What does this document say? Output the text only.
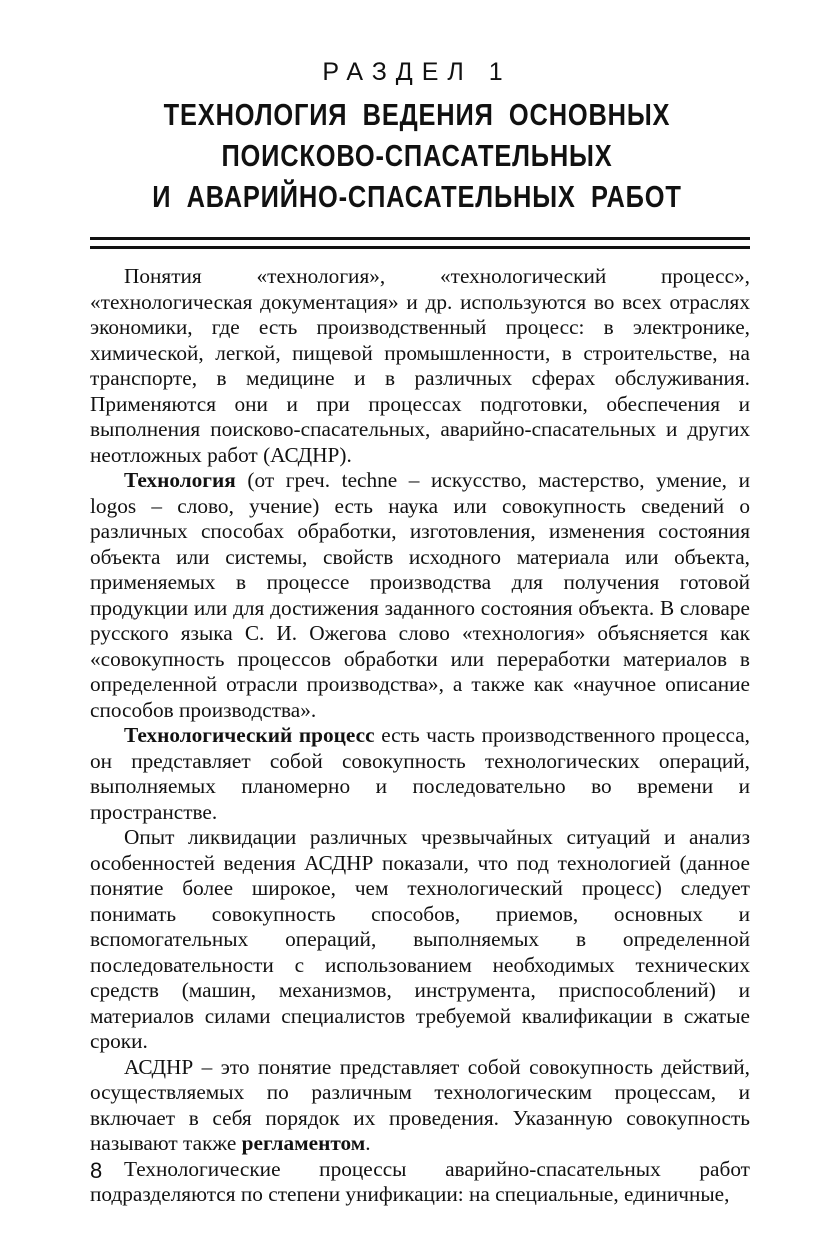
РАЗДЕЛ 1
ТЕХНОЛОГИЯ ВЕДЕНИЯ ОСНОВНЫХ
ПОИСКОВО-СПАСАТЕЛЬНЫХ
И АВАРИЙНО-СПАСАТЕЛЬНЫХ РАБОТ

Понятия «технология», «технологический процесс», «технологическая документация» и др. используются во всех отраслях экономики, где есть производственный процесс: в электронике, химической, легкой, пищевой промышленности, в строительстве, на транспорте, в медицине и в различных сферах обслуживания. Применяются они и при процессах подготовки, обеспечения и выполнения поисково-спасательных, аварийно-спасательных и других неотложных работ (АСДНР).

Технология (от греч. techne – искусство, мастерство, умение, и logos – слово, учение) есть наука или совокупность сведений о различных способах обработки, изготовления, изменения состояния объекта или системы, свойств исходного материала или объекта, применяемых в процессе производства для получения готовой продукции или для достижения заданного состояния объекта. В словаре русского языка С. И. Ожегова слово «технология» объясняется как «совокупность процессов обработки или переработки материалов в определенной отрасли производства», а также как «научное описание способов производства».

Технологический процесс есть часть производственного процесса, он представляет собой совокупность технологических операций, выполняемых планомерно и последовательно во времени и пространстве.

Опыт ликвидации различных чрезвычайных ситуаций и анализ особенностей ведения АСДНР показали, что под технологией (данное понятие более широкое, чем технологический процесс) следует понимать совокупность способов, приемов, основных и вспомогательных операций, выполняемых в определенной последовательности с использованием необходимых технических средств (машин, механизмов, инструмента, приспособлений) и материалов силами специалистов требуемой квалификации в сжатые сроки.

АСДНР – это понятие представляет собой совокупность действий, осуществляемых по различным технологическим процессам, и включает в себя порядок их проведения. Указанную совокупность называют также регламентом.

Технологические процессы аварийно-спасательных работ подразделяются по степени унификации: на специальные, единичные,

8
